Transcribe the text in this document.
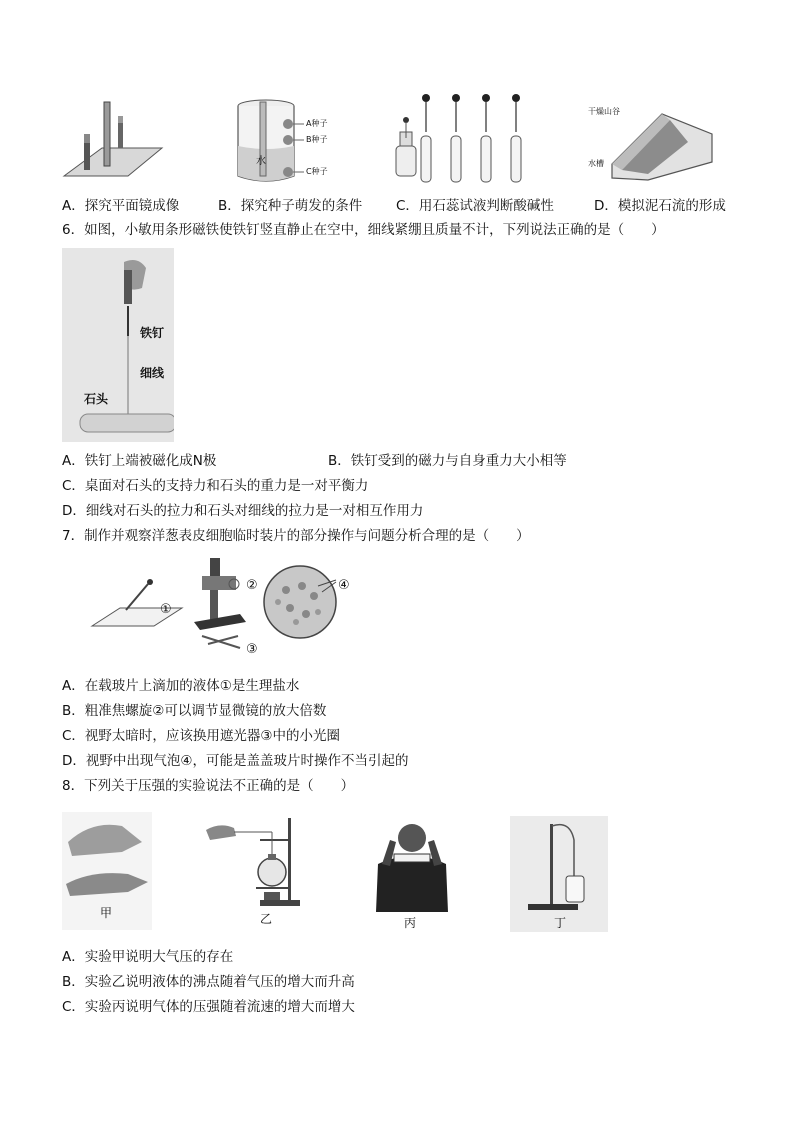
水
A种子
B种子
C种子
干燥山谷
水槽
A．探究平面镜成像	B．探究种子萌发的条件 C．用石蕊试液判断酸碱性	D．模拟泥石流的形成
6．如图，小敏用条形磁铁使铁钉竖直静止在空中，细线紧绷且质量不计，下列说法正确的是（　　）
铁钉
细线
石头
A．铁钉上端被磁化成N极	B．铁钉受到的磁力与自身重力大小相等
C．桌面对石头的支持力和石头的重力是一对平衡力
D．细线对石头的拉力和石头对细线的拉力是一对相互作用力
7．制作并观察洋葱表皮细胞临时装片的部分操作与问题分析合理的是（　　）
①
②
③
④
A．在载玻片上滴加的液体①是生理盐水
B．粗准焦螺旋②可以调节显微镜的放大倍数
C．视野太暗时，应该换用遮光器③中的小光圈
D．视野中出现气泡④，可能是盖盖玻片时操作不当引起的
8．下列关于压强的实验说法不正确的是（　　）
甲	乙	丙	丁
A．实验甲说明大气压的存在
B．实验乙说明液体的沸点随着气压的增大而升高
C．实验丙说明气体的压强随着流速的增大而增大
